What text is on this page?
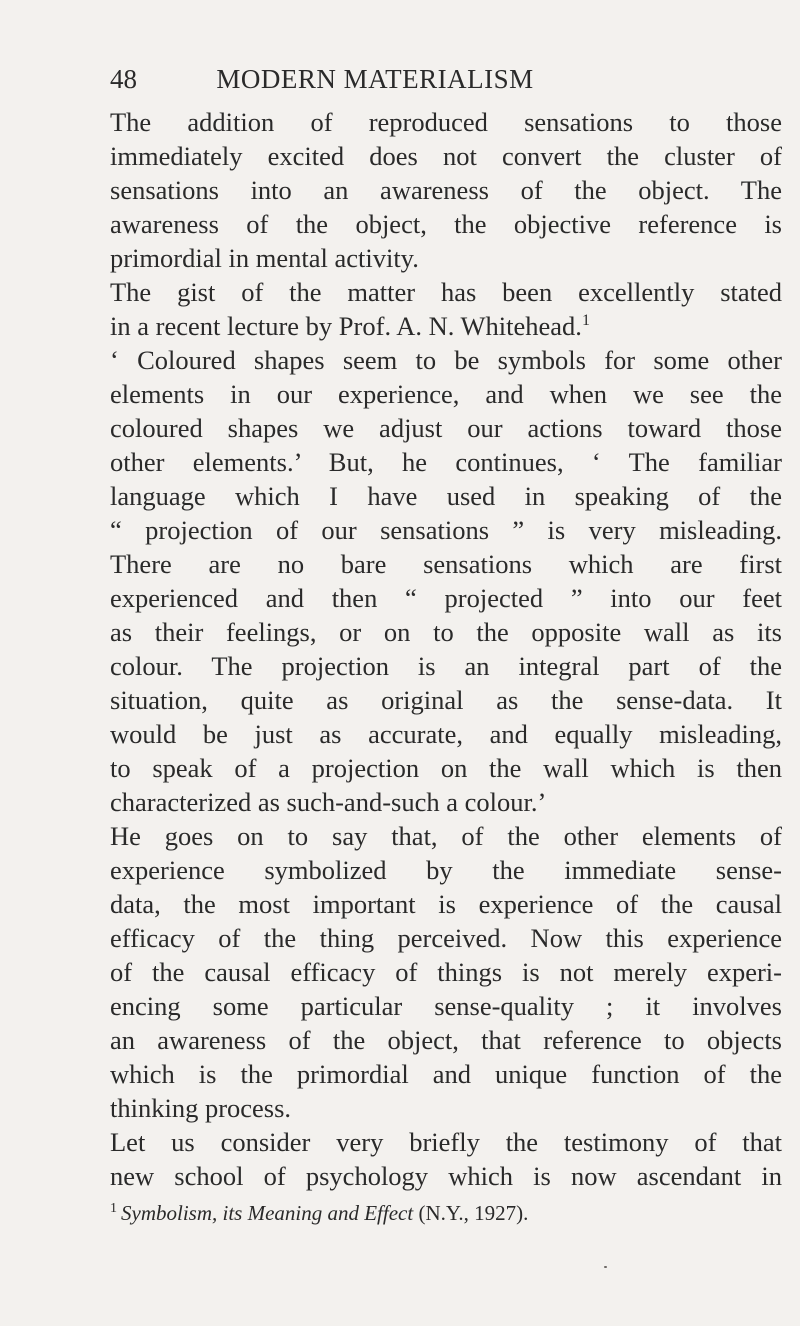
48	MODERN MATERIALISM
The addition of reproduced sensations to those
immediately excited does not convert the cluster of
sensations into an awareness of the object. The
awareness of the object, the objective reference is
primordial in mental activity.
The gist of the matter has been excellently stated
in a recent lecture by Prof. A. N. Whitehead.$^1$
‘ Coloured shapes seem to be symbols for some other
elements in our experience, and when we see the
coloured shapes we adjust our actions toward those
other elements.’ But, he continues, ‘ The familiar
language which I have used in speaking of the
“ projection of our sensations ” is very misleading.
There are no bare sensations which are first
experienced and then “ projected ” into our feet
as their feelings, or on to the opposite wall as its
colour. The projection is an integral part of the
situation, quite as original as the sense-data. It
would be just as accurate, and equally misleading,
to speak of a projection on the wall which is then
characterized as such-and-such a colour.’
He goes on to say that, of the other elements of
experience symbolized by the immediate sense-
data, the most important is experience of the causal
efficacy of the thing perceived. Now this experience
of the causal efficacy of things is not merely experi-
encing some particular sense-quality ; it involves
an awareness of the object, that reference to objects
which is the primordial and unique function of the
thinking process.
Let us consider very briefly the testimony of that
new school of psychology which is now ascendant in
$^1$ Symbolism, its Meaning and Effect (N.Y., 1927).
